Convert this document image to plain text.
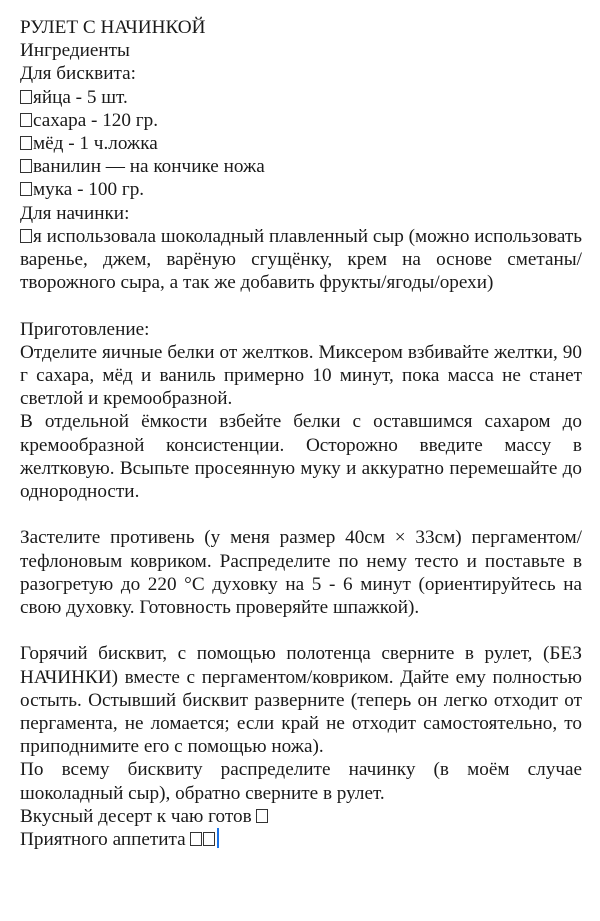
РУЛЕТ С НАЧИНКОЙ
Ингредиенты
Для бисквита:
яйца - 5 шт.
сахара - 120 гр.
мёд - 1 ч.ложка
ванилин — на кончике ножа
мука - 100 гр.
Для начинки:
я использовала шоколадный плавленный сыр (можно использовать варенье, джем, варёную сгущёнку, крем на основе сметаны/творожного сыра, а так же добавить фрукты/ягоды/орехи)
Приготовление:
Отделите яичные белки от желтков. Миксером взбивайте желтки, 90 г сахара, мёд и ваниль примерно 10 минут, пока масса не станет светлой и кремообразной.
В отдельной ёмкости взбейте белки с оставшимся сахаром до кремообразной консистенции. Осторожно введите массу в желтковую. Всыпьте просеянную муку и аккуратно перемешайте до однородности.
Застелите противень (у меня размер 40см × 33см) пергаментом/тефлоновым ковриком. Распределите по нему тесто и поставьте в разогретую до 220 °С духовку на 5 - 6 минут (ориентируйтесь на свою духовку. Готовность проверяйте шпажкой).
Горячий бисквит, с помощью полотенца сверните в рулет, (БЕЗ НАЧИНКИ) вместе с пергаментом/ковриком. Дайте ему полностью остыть. Остывший бисквит разверните (теперь он легко отходит от пергамента, не ломается; если край не отходит самостоятельно, то приподнимите его с помощью ножа).
По всему бисквиту распределите начинку (в моём случае шоколадный сыр), обратно сверните в рулет.
Вкусный десерт к чаю готов
Приятного аппетита
